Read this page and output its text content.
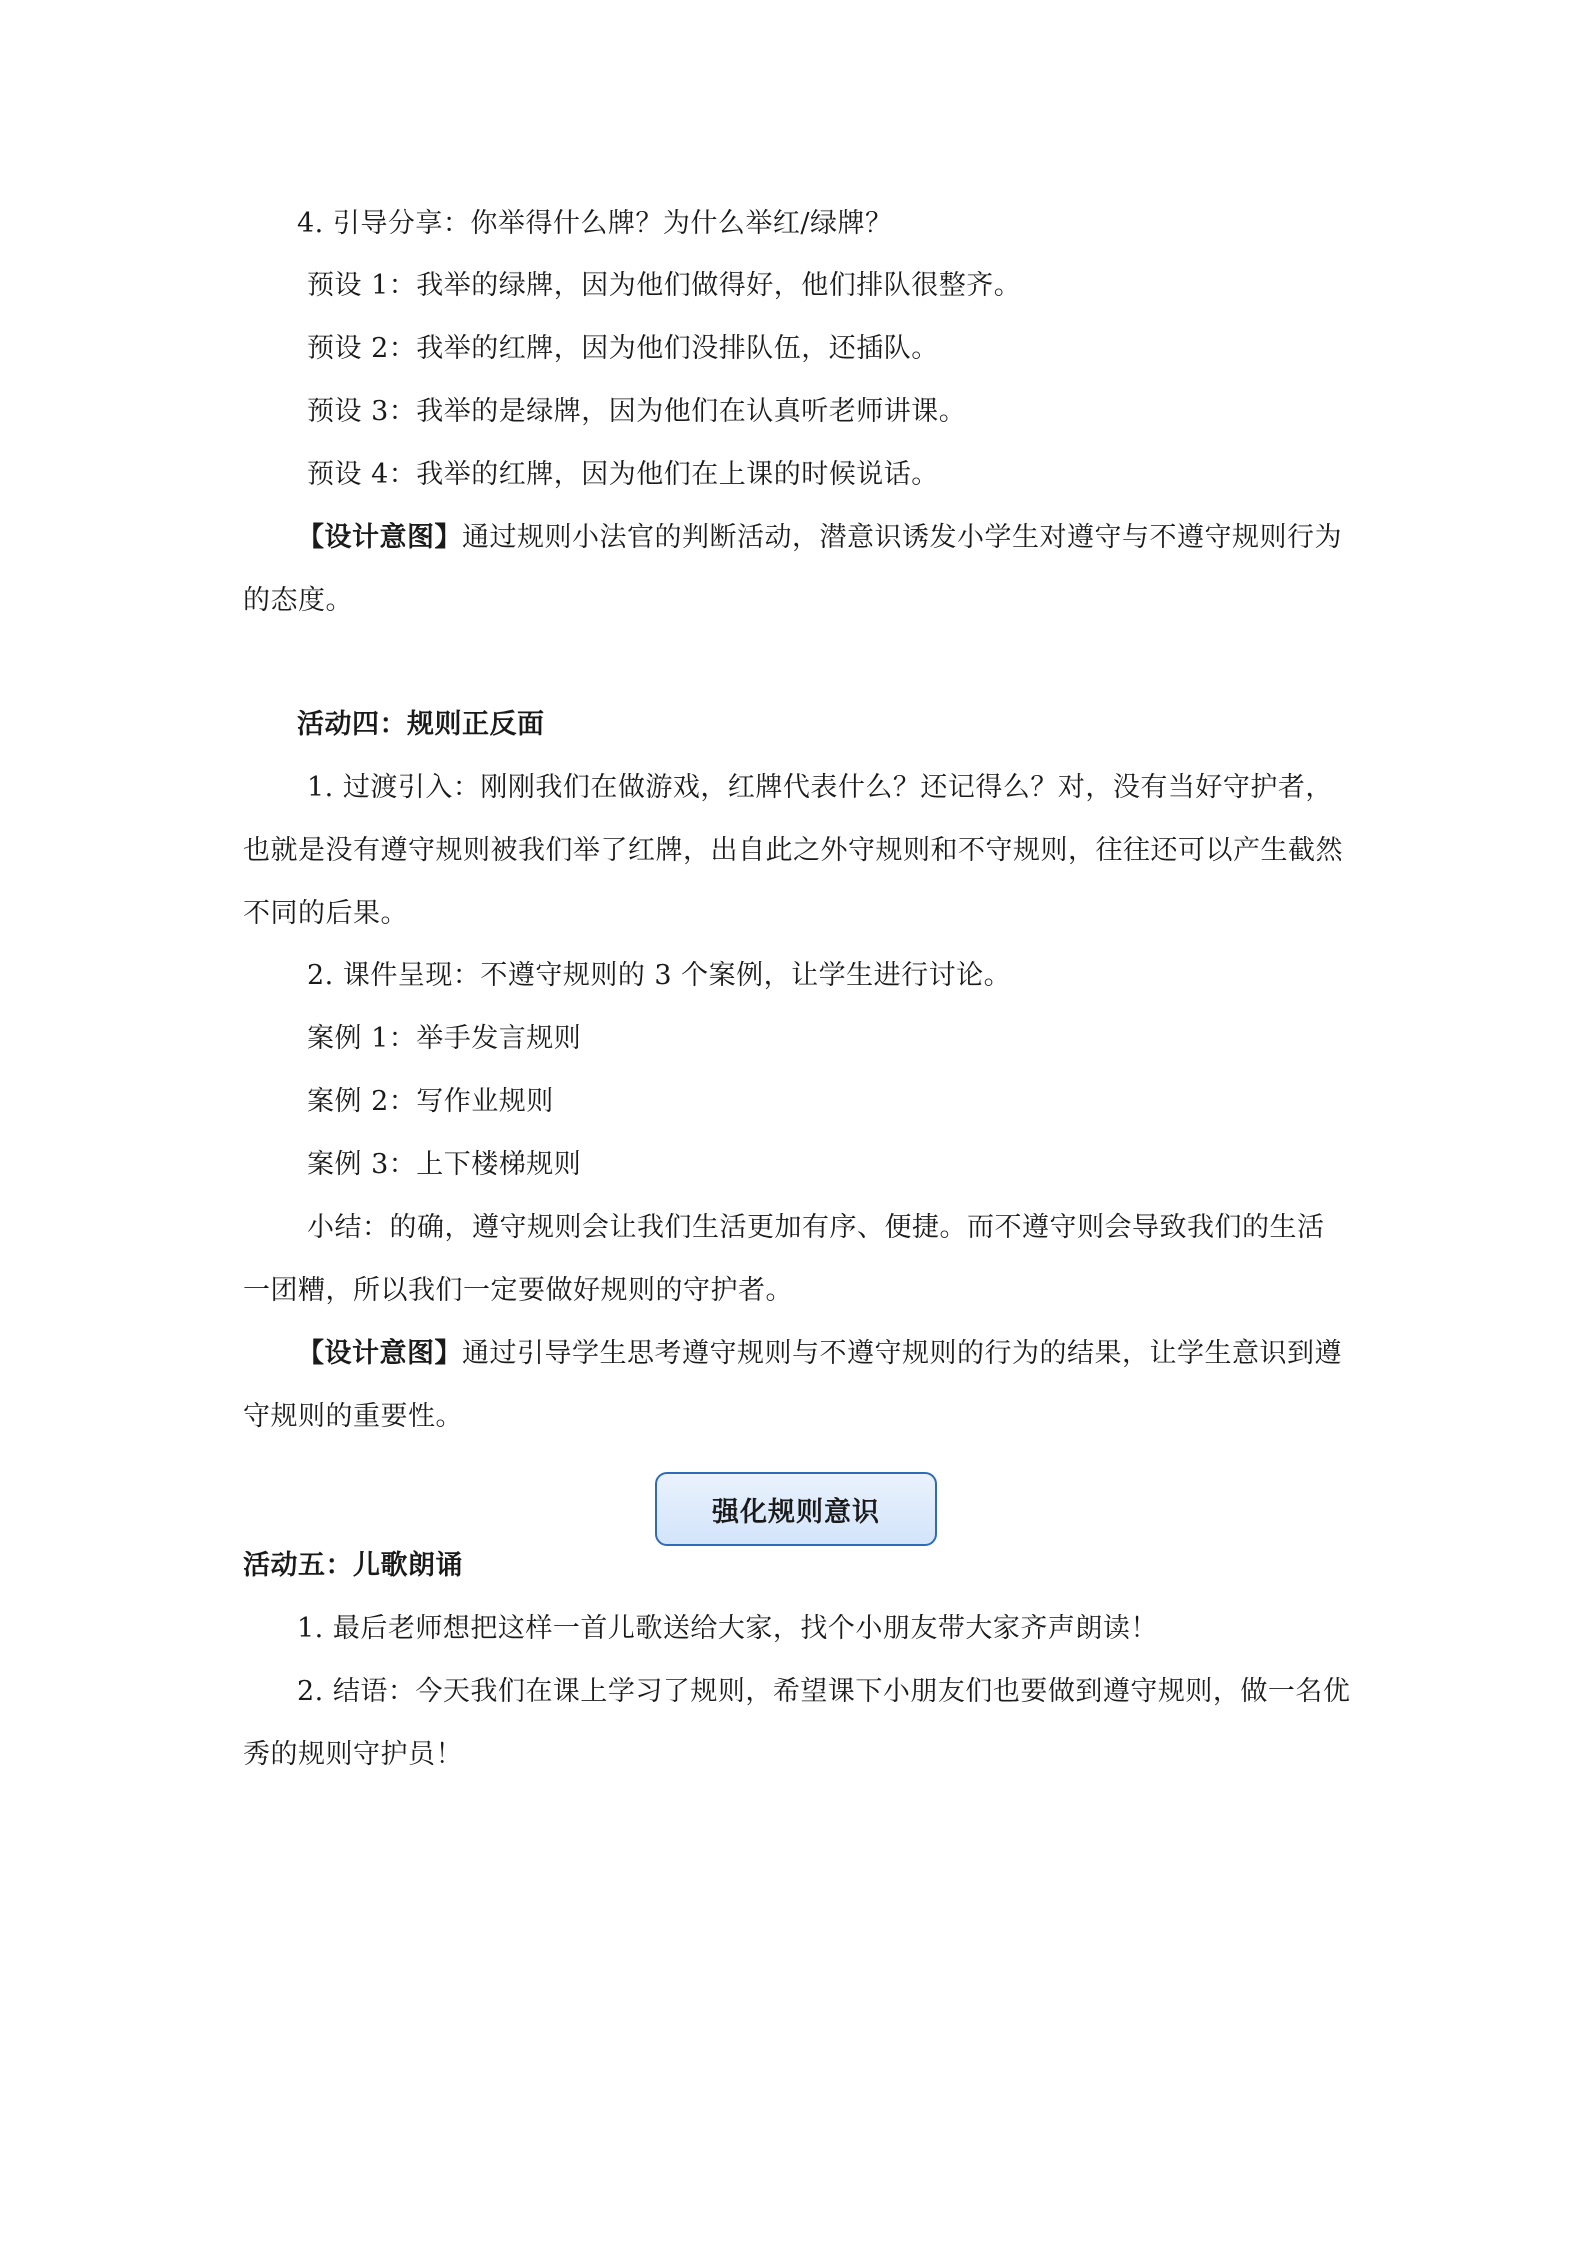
4. 引导分享：你举得什么牌？为什么举红/绿牌？
预设 1：我举的绿牌，因为他们做得好，他们排队很整齐。
预设 2：我举的红牌，因为他们没排队伍，还插队。
预设 3：我举的是绿牌，因为他们在认真听老师讲课。
预设 4：我举的红牌，因为他们在上课的时候说话。
【设计意图】通过规则小法官的判断活动，潜意识诱发小学生对遵守与不遵守规则行为
的态度。
活动四：规则正反面
1. 过渡引入：刚刚我们在做游戏，红牌代表什么？还记得么？对，没有当好守护者，
也就是没有遵守规则被我们举了红牌，出自此之外守规则和不守规则，往往还可以产生截然
不同的后果。
2. 课件呈现：不遵守规则的 3 个案例，让学生进行讨论。
案例 1：举手发言规则
案例 2：写作业规则
案例 3：上下楼梯规则
小结：的确，遵守规则会让我们生活更加有序、便捷。而不遵守则会导致我们的生活
一团糟，所以我们一定要做好规则的守护者。
【设计意图】通过引导学生思考遵守规则与不遵守规则的行为的结果，让学生意识到遵
守规则的重要性。
强化规则意识
活动五：儿歌朗诵
1. 最后老师想把这样一首儿歌送给大家，找个小朋友带大家齐声朗读！
2. 结语：今天我们在课上学习了规则，希望课下小朋友们也要做到遵守规则，做一名优
秀的规则守护员！
